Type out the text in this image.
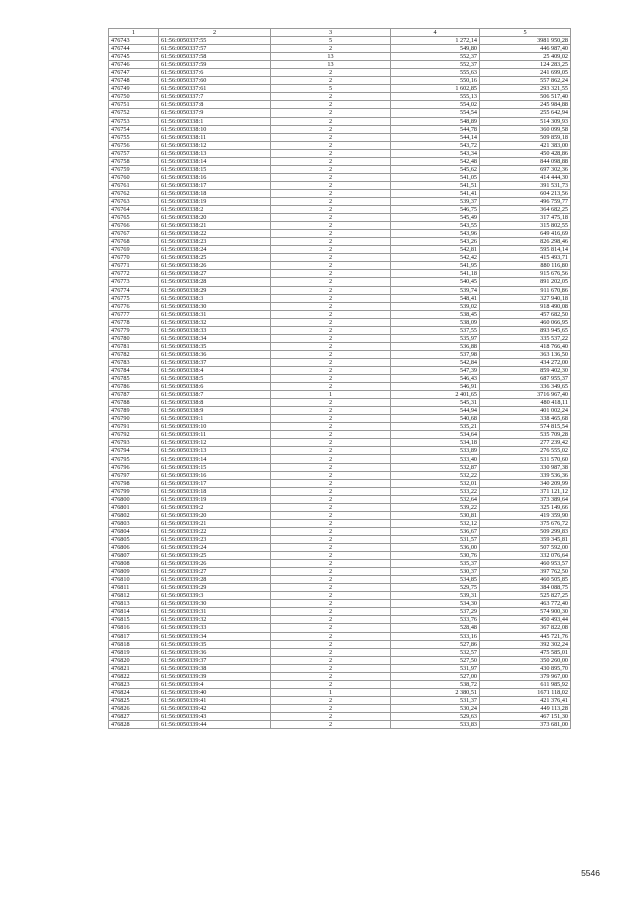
1	2	3	4	5
476743	61:56:0050337:55	5	1 272,14	3981 950,28
476744	61:56:0050337:57	2	549,80	446 987,40
476745	61:56:0050337:58	13	552,37	25 409,02
476746	61:56:0050337:59	13	552,37	124 283,25
476747	61:56:0050337:6	2	555,63	241 699,05
476748	61:56:0050337:60	2	550,16	557 862,24
476749	61:56:0050337:61	5	1 602,85	293 321,55
476750	61:56:0050337:7	2	555,13	506 517,40
476751	61:56:0050337:8	2	554,02	245 984,88
476752	61:56:0050337:9	2	554,54	255 642,94
476753	61:56:0050338:1	2	548,89	514 309,93
476754	61:56:0050338:10	2	544,78	360 099,58
476755	61:56:0050338:11	2	544,14	509 859,18
476756	61:56:0050338:12	2	543,72	421 383,00
476757	61:56:0050338:13	2	543,34	450 428,86
476758	61:56:0050338:14	2	542,48	844 098,88
476759	61:56:0050338:15	2	545,62	697 302,36
476760	61:56:0050338:16	2	541,05	414 444,30
476761	61:56:0050338:17	2	541,51	391 531,73
476762	61:56:0050338:18	2	541,41	604 213,56
476763	61:56:0050338:19	2	539,37	496 759,77
476764	61:56:0050338:2	2	546,75	364 682,25
476765	61:56:0050338:20	2	545,49	317 475,18
476766	61:56:0050338:21	2	543,55	315 802,55
476767	61:56:0050338:22	2	543,96	649 416,69
476768	61:56:0050338:23	2	543,26	826 298,46
476769	61:56:0050338:24	2	542,81	595 814,14
476770	61:56:0050338:25	2	542,42	415 493,71
476771	61:56:0050338:26	2	541,95	880 116,80
476772	61:56:0050338:27	2	541,18	915 676,56
476773	61:56:0050338:28	2	540,45	891 202,05
476774	61:56:0050338:29	2	539,74	911 670,86
476775	61:56:0050338:3	2	548,41	327 940,18
476776	61:56:0050338:30	2	539,02	918 490,08
476777	61:56:0050338:31	2	538,45	457 682,50
476778	61:56:0050338:32	2	538,09	460 066,95
476779	61:56:0050338:33	2	537,55	893 945,65
476780	61:56:0050338:34	2	535,97	335 537,22
476781	61:56:0050338:35	2	536,88	418 766,40
476782	61:56:0050338:36	2	537,98	363 136,50
476783	61:56:0050338:37	2	542,84	434 272,00
476784	61:56:0050338:4	2	547,39	859 402,30
476785	61:56:0050338:5	2	546,43	687 955,37
476786	61:56:0050338:6	2	546,91	336 349,65
476787	61:56:0050338:7	1	2 401,65	3716 967,40
476788	61:56:0050338:8	2	545,31	480 418,11
476789	61:56:0050338:9	2	544,94	401 002,24
476790	61:56:0050339:1	2	540,68	338 465,68
476791	61:56:0050339:10	2	535,21	574 815,54
476792	61:56:0050339:11	2	534,64	535 709,28
476793	61:56:0050339:12	2	534,18	277 239,42
476794	61:56:0050339:13	2	533,89	276 555,02
476795	61:56:0050339:14	2	533,40	531 570,60
476796	61:56:0050339:15	2	532,87	330 987,38
476797	61:56:0050339:16	2	532,22	339 536,36
476798	61:56:0050339:17	2	532,01	340 209,99
476799	61:56:0050339:18	2	533,22	371 121,12
476800	61:56:0050339:19	2	532,64	373 389,64
476801	61:56:0050339:2	2	539,22	325 149,66
476802	61:56:0050339:20	2	530,81	419 359,90
476803	61:56:0050339:21	2	532,12	375 676,72
476804	61:56:0050339:22	2	536,67	509 299,83
476805	61:56:0050339:23	2	531,57	359 345,81
476806	61:56:0050339:24	2	536,00	507 592,00
476807	61:56:0050339:25	2	530,76	332 076,64
476808	61:56:0050339:26	2	535,37	460 953,57
476809	61:56:0050339:27	2	530,37	397 762,50
476810	61:56:0050339:28	2	534,85	460 505,85
476811	61:56:0050339:29	2	529,75	384 088,75
476812	61:56:0050339:3	2	539,31	525 827,25
476813	61:56:0050339:30	2	534,30	463 772,40
476814	61:56:0050339:31	2	537,29	574 900,30
476815	61:56:0050339:32	2	533,76	450 493,44
476816	61:56:0050339:33	2	528,48	367 822,08
476817	61:56:0050339:34	2	533,16	445 721,76
476818	61:56:0050339:35	2	527,86	392 302,24
476819	61:56:0050339:36	2	532,57	475 585,01
476820	61:56:0050339:37	2	527,50	350 260,00
476821	61:56:0050339:38	2	531,97	430 895,70
476822	61:56:0050339:39	2	527,00	379 967,00
476823	61:56:0050339:4	2	538,72	611 985,92
476824	61:56:0050339:40	1	2 380,51	1671 118,02
476825	61:56:0050339:41	2	531,37	421 376,41
476826	61:56:0050339:42	2	530,24	449 113,28
476827	61:56:0050339:43	2	529,63	467 151,30
476828	61:56:0050339:44	2	533,83	373 681,00
5546
